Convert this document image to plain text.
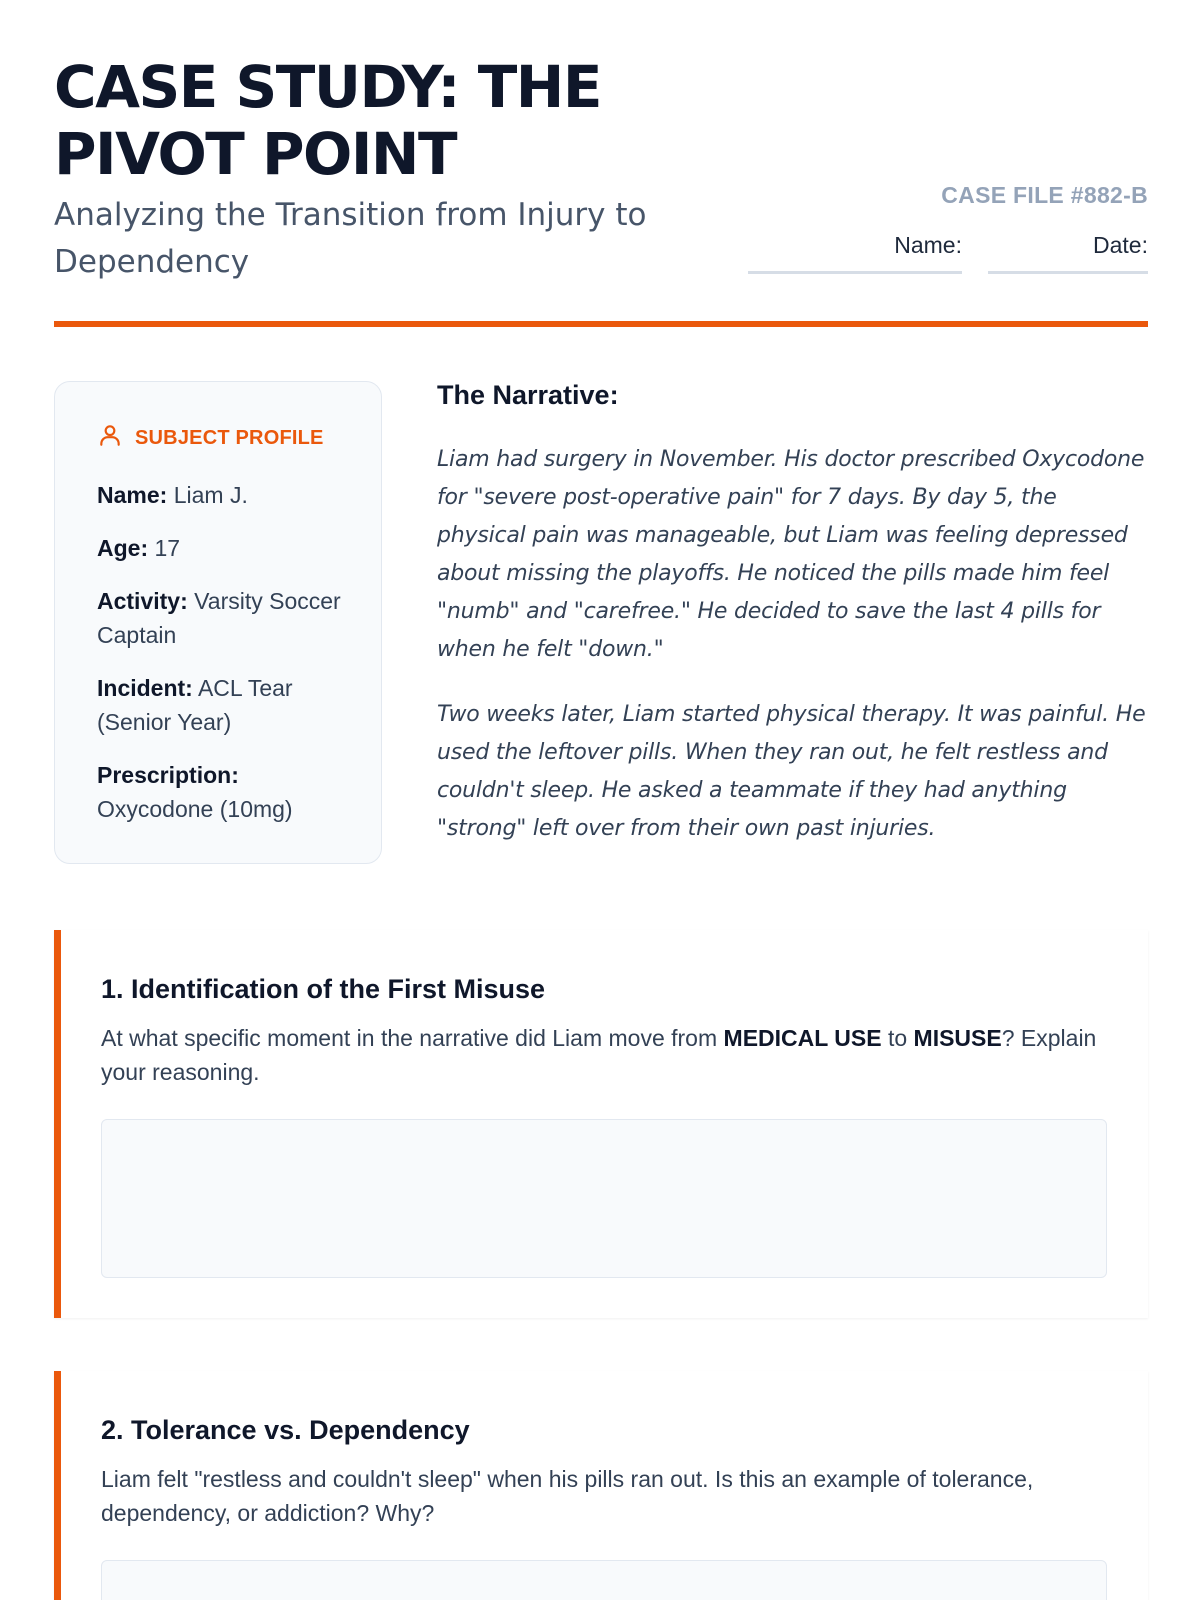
CASE STUDY: THE PIVOT POINT
Analyzing the Transition from Injury to Dependency
CASE FILE #882-B
Name:	Date:
SUBJECT PROFILE
Name: Liam J.
Age: 17
Activity: Varsity Soccer Captain
Incident: ACL Tear (Senior Year)
Prescription: Oxycodone (10mg)
The Narrative:

Liam had surgery in November. His doctor prescribed Oxycodone for "severe post-operative pain" for 7 days. By day 5, the physical pain was manageable, but Liam was feeling depressed about missing the playoffs. He noticed the pills made him feel "numb" and "carefree." He decided to save the last 4 pills for when he felt "down."

Two weeks later, Liam started physical therapy. It was painful. He used the leftover pills. When they ran out, he felt restless and couldn't sleep. He asked a teammate if they had anything "strong" left over from their own past injuries.

1. Identification of the First Misuse
At what specific moment in the narrative did Liam move from MEDICAL USE to MISUSE? Explain your reasoning.
2. Tolerance vs. Dependency
Liam felt "restless and couldn't sleep" when his pills ran out. Is this an example of tolerance, dependency, or addiction? Why?
